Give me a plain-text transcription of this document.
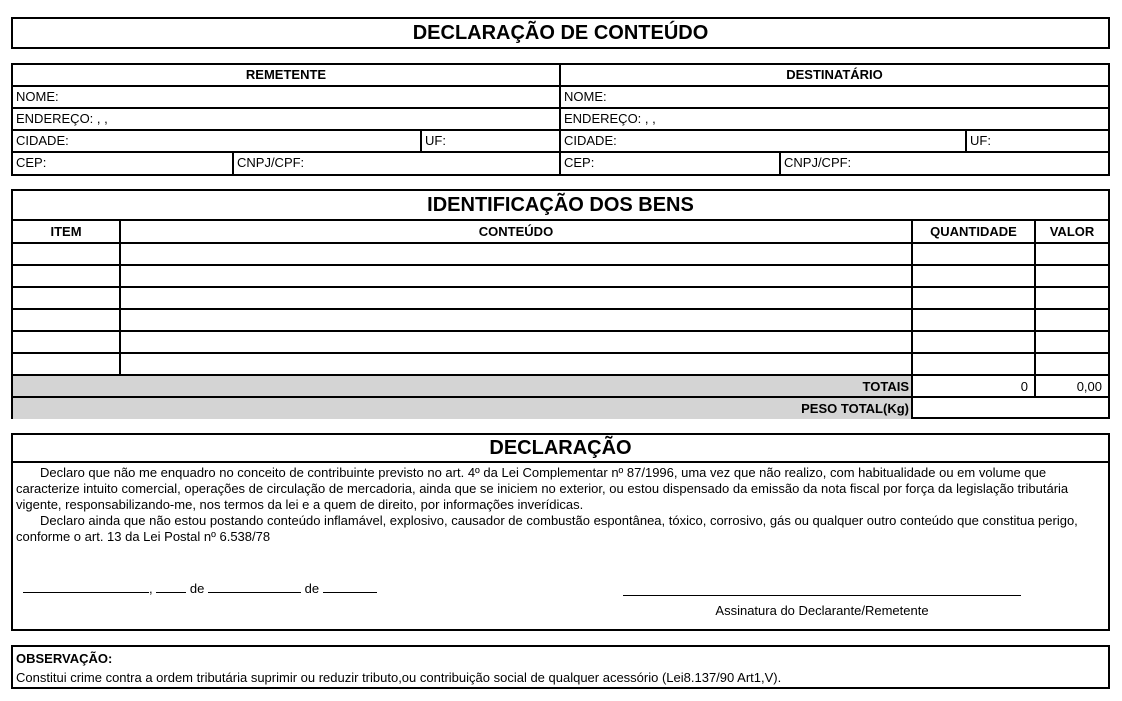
DECLARAÇÃO DE CONTEÚDO
REMETENTE
NOME:
ENDEREÇO: , ,
CIDADE:	UF:
CEP:	CNPJ/CPF:
DESTINATÁRIO
NOME:
ENDEREÇO: , ,
CIDADE:	UF:
CEP:	CNPJ/CPF:
IDENTIFICAÇÃO DOS BENS
ITEM	CONTEÚDO	QUANTIDADE	VALOR

TOTAIS		0	0,00
PESO TOTAL(Kg)			
DECLARAÇÃO

Declaro que não me enquadro no conceito de contribuinte previsto no art. 4º da Lei Complementar nº 87/1996, uma vez que não realizo, com habitualidade ou em volume que caracterize intuito comercial, operações de circulação de mercadoria, ainda que se iniciem no exterior, ou estou dispensado da emissão da nota fiscal por força da legislação tributária vigente, responsabilizando-me, nos termos da lei e a quem de direito, por informações inverídicas.

Declaro ainda que não estou postando conteúdo inflamável, explosivo, causador de combustão espontânea, tóxico, corrosivo, gás ou qualquer outro conteúdo que constitua perigo, conforme o art. 13 da Lei Postal nº 6.538/78

,	de	de
Assinatura do Declarante/Remetente
OBSERVAÇÃO:
Constitui crime contra a ordem tributária suprimir ou reduzir tributo,ou contribuição social de qualquer acessório (Lei8.137/90 Art1,V).
